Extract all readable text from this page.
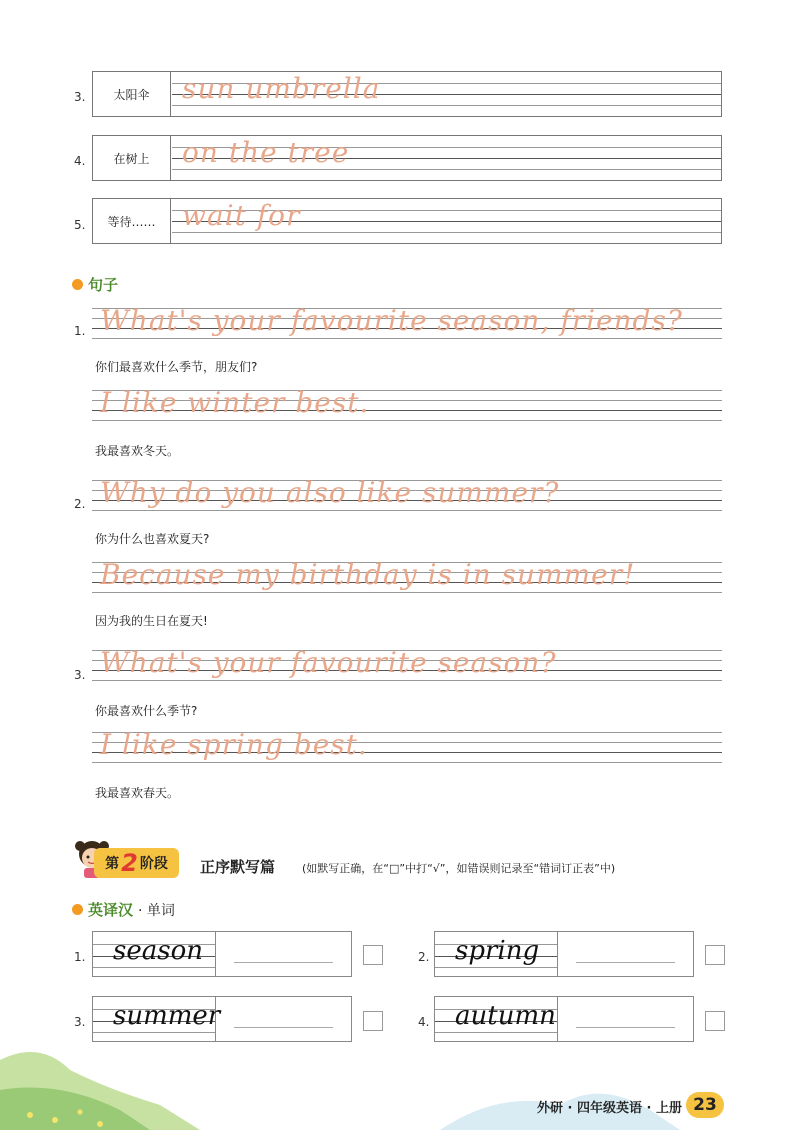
3.	太阳伞	sun umbrella
4.	在树上	on the tree
5.	等待…… wait for
句子
1. What's your favourite season, friends?
你们最喜欢什么季节，朋友们?
I like winter best.
我最喜欢冬天。
2. Why do you also like summer?
你为什么也喜欢夏天?
Because my birthday is in summer!
因为我的生日在夏天!
3. What's your favourite season?
你最喜欢什么季节?
I like spring best.
我最喜欢春天。
第 2 阶段 正序默写篇 (如默写正确，在“□”中打“√”，如错误则记录至“错词订正表”中)
英译汉 · 单词
1. season	2. spring
3. summer	4. autumn
外研 · 四年级英语 · 上册 23
